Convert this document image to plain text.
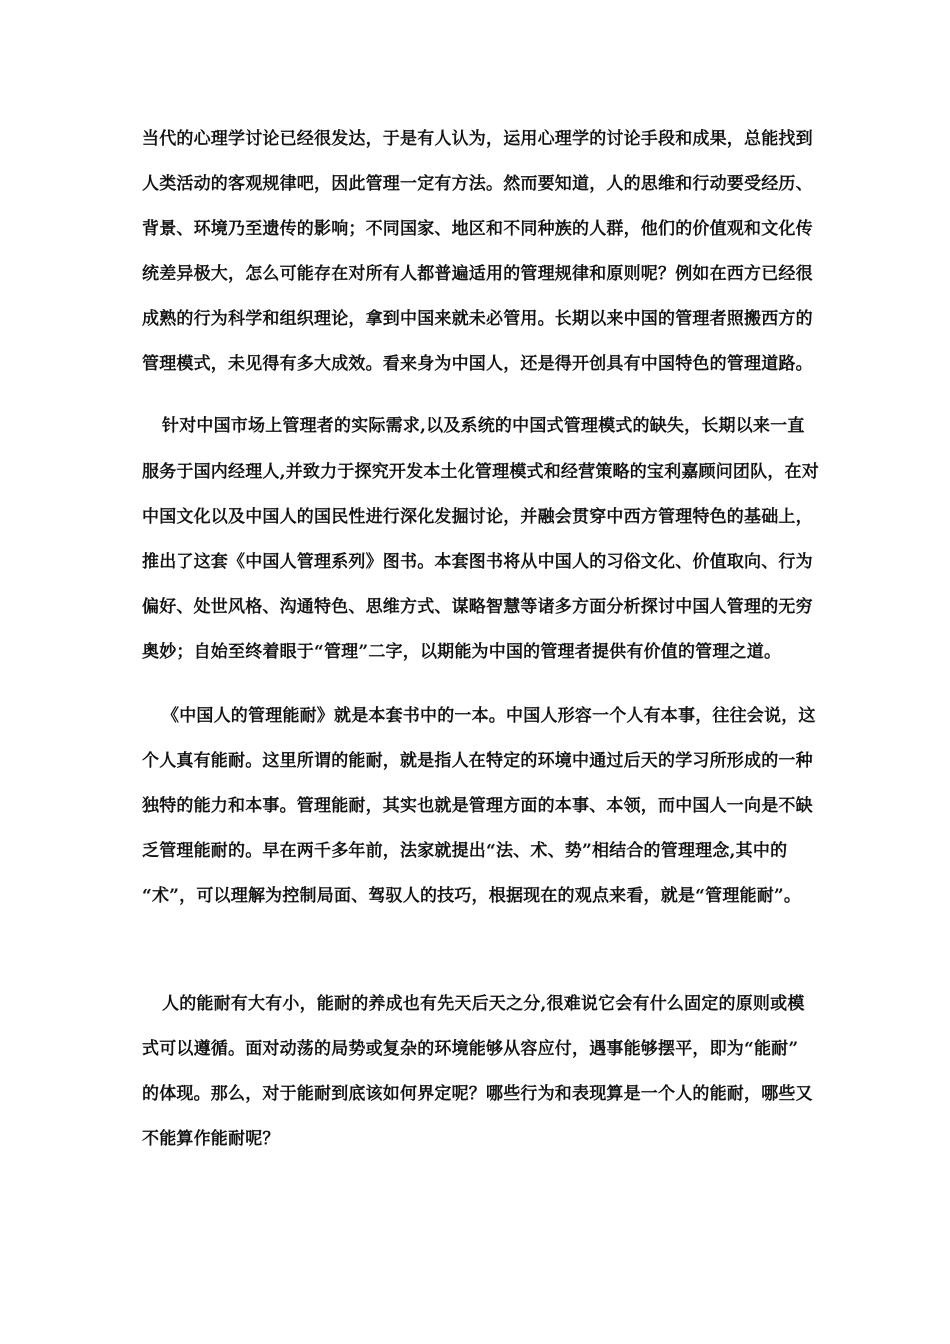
当代的心理学讨论已经很发达，于是有人认为，运用心理学的讨论手段和成果，总能找到
人类活动的客观规律吧，因此管理一定有方法。然而要知道，人的思维和行动要受经历、
背景、环境乃至遗传的影响；不同国家、地区和不同种族的人群，他们的价值观和文化传
统差异极大，怎么可能存在对所有人都普遍适用的管理规律和原则呢？例如在西方已经很
成熟的行为科学和组织理论，拿到中国来就未必管用。长期以来中国的管理者照搬西方的
管理模式，未见得有多大成效。看来身为中国人，还是得开创具有中国特色的管理道路。
针对中国市场上管理者的实际需求,以及系统的中国式管理模式的缺失，长期以来一直
服务于国内经理人,并致力于探究开发本土化管理模式和经营策略的宝利嘉顾问团队，在对
中国文化以及中国人的国民性进行深化发掘讨论，并融会贯穿中西方管理特色的基础上，
推出了这套《中国人管理系列》图书。本套图书将从中国人的习俗文化、价值取向、行为
偏好、处世风格、沟通特色、思维方式、谋略智慧等诸多方面分析探讨中国人管理的无穷
奥妙；自始至终着眼于“管理”二字，以期能为中国的管理者提供有价值的管理之道。
《中国人的管理能耐》就是本套书中的一本。中国人形容一个人有本事，往往会说，这
个人真有能耐。这里所谓的能耐，就是指人在特定的环境中通过后天的学习所形成的一种
独特的能力和本事。管理能耐，其实也就是管理方面的本事、本领，而中国人一向是不缺
乏管理能耐的。早在两千多年前，法家就提出“法、术、势”相结合的管理理念,其中的
“术”，可以理解为控制局面、驾驭人的技巧，根据现在的观点来看，就是“管理能耐”。
人的能耐有大有小，能耐的养成也有先天后天之分,很难说它会有什么固定的原则或模
式可以遵循。面对动荡的局势或复杂的环境能够从容应付，遇事能够摆平，即为“能耐”
的体现。那么，对于能耐到底该如何界定呢？哪些行为和表现算是一个人的能耐，哪些又
不能算作能耐呢？
